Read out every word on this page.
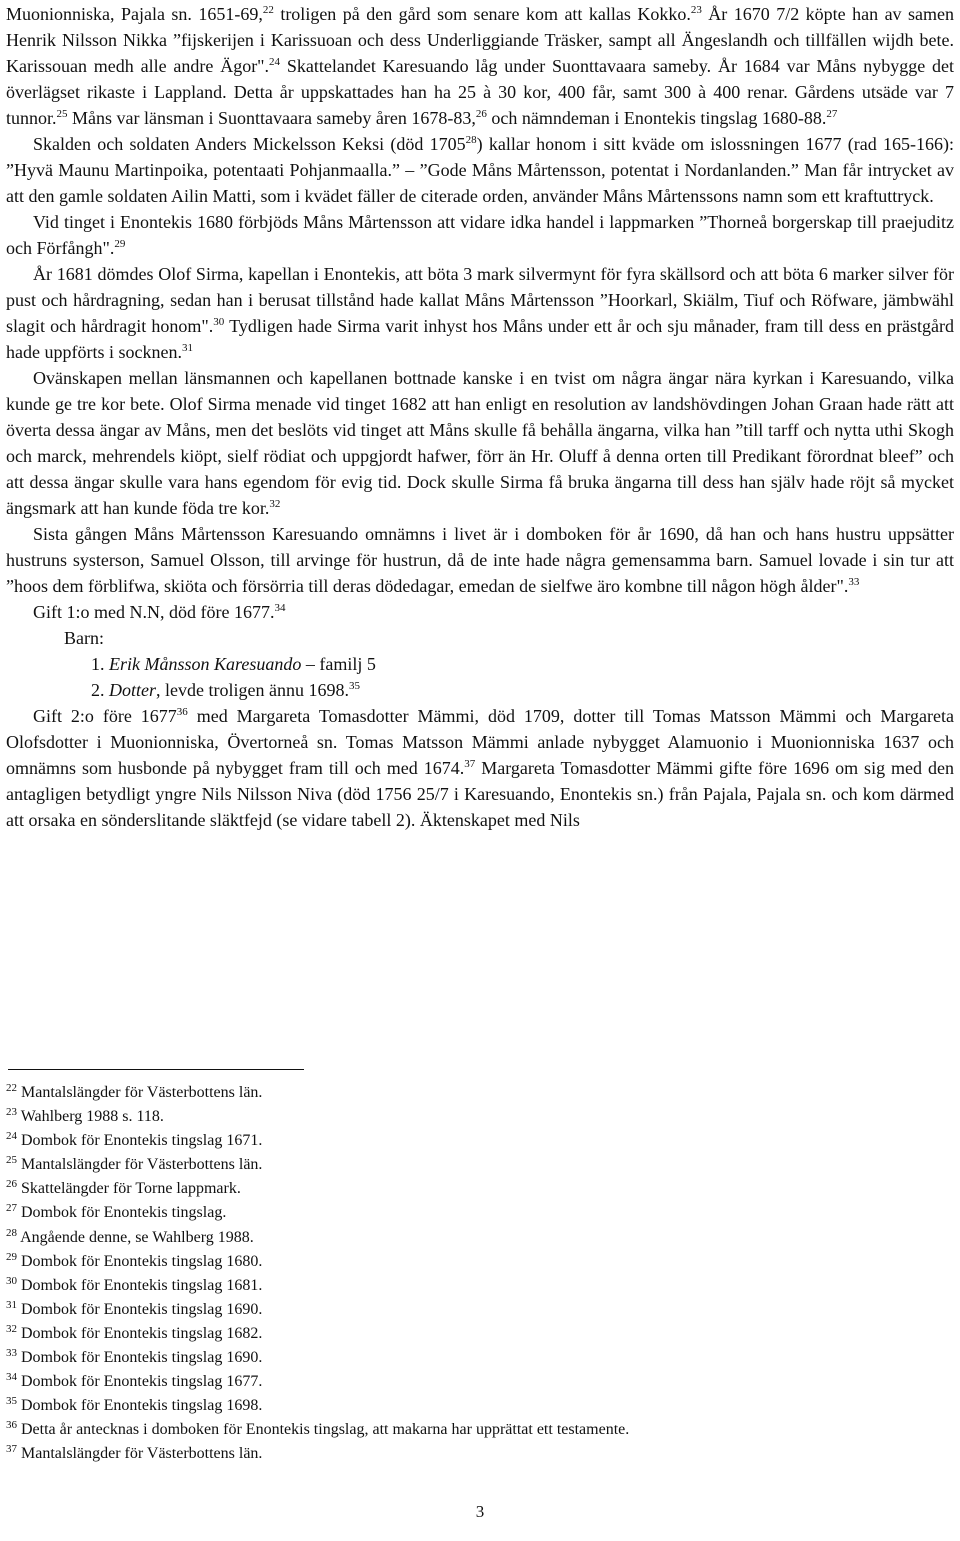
Muonionniska, Pajala sn. 1651-69,22 troligen på den gård som senare kom att kallas Kokko.$^{23}$ År 1670 7/2 köpte han av samen Henrik Nilsson Nikka ”fijskerijen i Karissuoan och dess Underliggiande Träsker, sampt all Ängeslandh och tillfällen wijdh bete. Karissouan medh alle andre Ägor".$^{24}$ Skattelandet Karesuando låg under Suonttavaara sameby. År 1684 var Måns nybygge det överlägset rikaste i Lappland. Detta år uppskattades han ha 25 à 30 kor, 400 får, samt 300 à 400 renar. Gårdens utsäde var 7 tunnor.$^{25}$ Måns var länsman i Suonttavaara sameby åren 1678-83,26 och nämndeman i Enontekis tingslag 1680-88.27

Skalden och soldaten Anders Mickelsson Keksi (död 1705$^{28}$) kallar honom i sitt kväde om islossningen 1677 (rad 165-166): ”Hyvä Maunu Martinpoika, potentaati Pohjanmaalla.” – ”Gode Måns Mårtensson, potentat i Nordanlanden.” Man får intrycket av att den gamle soldaten Ailin Matti, som i kvädet fäller de citerade orden, använder Måns Mårtenssons namn som ett kraftuttryck.

Vid tinget i Enontekis 1680 förbjöds Måns Mårtensson att vidare idka handel i lappmarken ”Thorneå borgerskap till praejuditz och Förfångh".$^{29}$

År 1681 dömdes Olof Sirma, kapellan i Enontekis, att böta 3 mark silvermynt för fyra skällsord och att böta 6 marker silver för pust och hårdragning, sedan han i berusat tillstånd hade kallat Måns Mårtensson ”Hoorkarl, Skiälm, Tiuf och Röfware, jämbwähl slagit och hårdragit honom".$^{30}$ Tydligen hade Sirma varit inhyst hos Måns under ett år och sju månader, fram till dess en prästgård hade uppförts i socknen.$^{31}$

Ovänskapen mellan länsmannen och kapellanen bottnade kanske i en tvist om några ängar nära kyrkan i Karesuando, vilka kunde ge tre kor bete. Olof Sirma menade vid tinget 1682 att han enligt en resolution av landshövdingen Johan Graan hade rätt att överta dessa ängar av Måns, men det beslöts vid tinget att Måns skulle få behålla ängarna, vilka han ”till tarff och nytta uthi Skogh och marck, mehrendels kiöpt, sielf rödiat och uppgjordt hafwer, förr än Hr. Oluff å denna orten till Predikant förordnat bleef” och att dessa ängar skulle vara hans egendom för evig tid. Dock skulle Sirma få bruka ängarna till dess han själv hade röjt så mycket ängsmark att han kunde föda tre kor.$^{32}$

Sista gången Måns Mårtensson Karesuando omnämns i livet är i domboken för år 1690, då han och hans hustru uppsätter hustruns systerson, Samuel Olsson, till arvinge för hustrun, då de inte hade några gemensamma barn. Samuel lovade i sin tur att ”hoos dem förblifwa, skiöta och försörria till deras dödedagar, emedan de sielfwe äro kombne till någon högh ålder".$^{33}$

Gift 1:o med N.N, död före 1677.34

Barn:

1. Erik Månsson Karesuando – familj 5

2. Dotter, levde troligen ännu 1698.35

Gift 2:o före 1677$^{36}$ med Margareta Tomasdotter Mämmi, död 1709, dotter till Tomas Matsson Mämmi och Margareta Olofsdotter i Muonionniska, Övertorneå sn. Tomas Matsson Mämmi anlade nybygget Alamuonio i Muonionniska 1637 och omnämns som husbonde på nybygget fram till och med 1674.37 Margareta Tomasdotter Mämmi gifte före 1696 om sig med den antagligen betydligt yngre Nils Nilsson Niva (död 1756 25/7 i Karesuando, Enontekis sn.) från Pajala, Pajala sn. och kom därmed att orsaka en sönderslitande släktfejd (se vidare tabell 2). Äktenskapet med Nils

$^{22}$ Mantalslängder för Västerbottens län.

$^{23}$ Wahlberg 1988 s. 118.

$^{24}$ Dombok för Enontekis tingslag 1671.

$^{25}$ Mantalslängder för Västerbottens län.

$^{26}$ Skattelängder för Torne lappmark.

$^{27}$ Dombok för Enontekis tingslag.

$^{28}$ Angående denne, se Wahlberg 1988.

$^{29}$ Dombok för Enontekis tingslag 1680.

$^{30}$ Dombok för Enontekis tingslag 1681.

$^{31}$ Dombok för Enontekis tingslag 1690.

$^{32}$ Dombok för Enontekis tingslag 1682.

$^{33}$ Dombok för Enontekis tingslag 1690.

$^{34}$ Dombok för Enontekis tingslag 1677.

$^{35}$ Dombok för Enontekis tingslag 1698.

$^{36}$ Detta år antecknas i domboken för Enontekis tingslag, att makarna har upprättat ett testamente.

$^{37}$ Mantalslängder för Västerbottens län.

3
